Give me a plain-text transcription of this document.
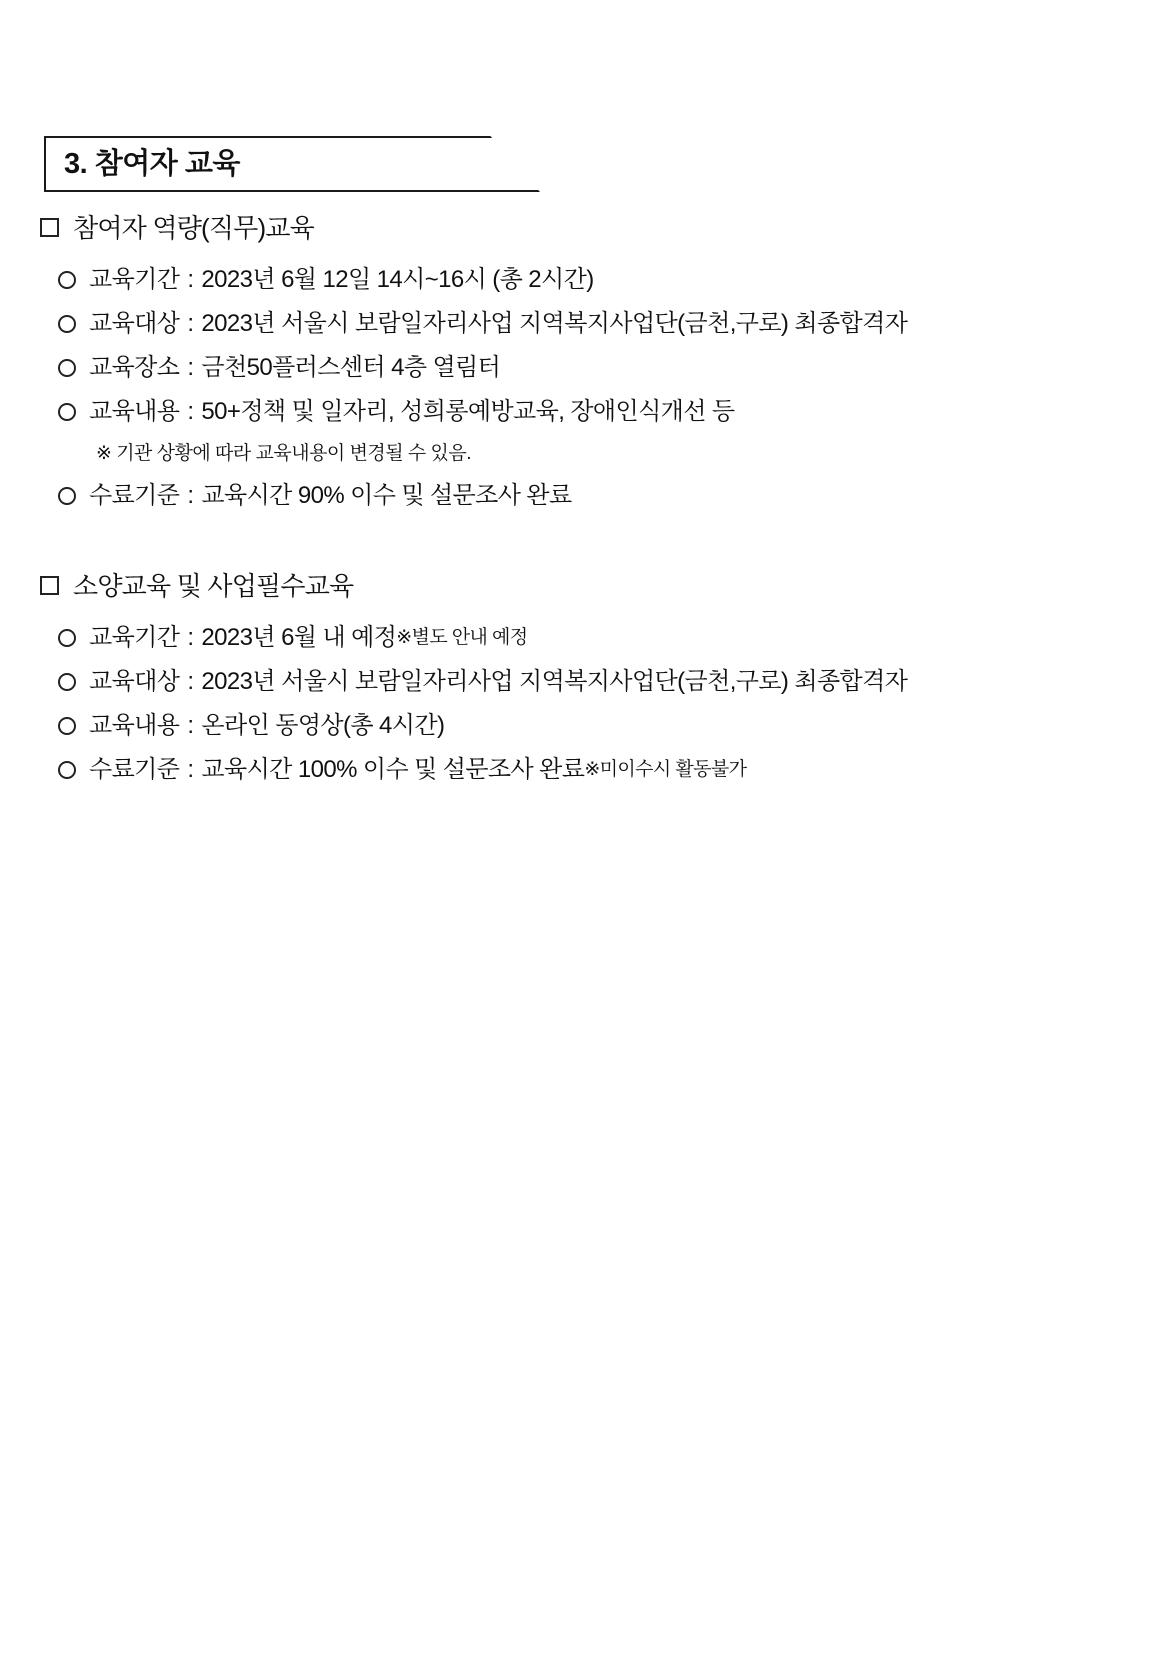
3. 참여자 교육
참여자 역량(직무)교육
교육기간 : 2023년 6월 12일 14시~16시 (총 2시간)
교육대상 : 2023년 서울시 보람일자리사업 지역복지사업단(금천,구로) 최종합격자
교육장소 : 금천50플러스센터 4층 열림터
교육내용 : 50+정책 및 일자리, 성희롱예방교육, 장애인식개선 등
※ 기관 상황에 따라 교육내용이 변경될 수 있음.
수료기준 : 교육시간 90% 이수 및 설문조사 완료
소양교육 및 사업필수교육
교육기간 : 2023년 6월 내 예정 ※별도 안내 예정
교육대상 : 2023년 서울시 보람일자리사업 지역복지사업단(금천,구로) 최종합격자
교육내용 : 온라인 동영상(총 4시간)
수료기준 : 교육시간 100% 이수 및 설문조사 완료 ※미이수시 활동불가
